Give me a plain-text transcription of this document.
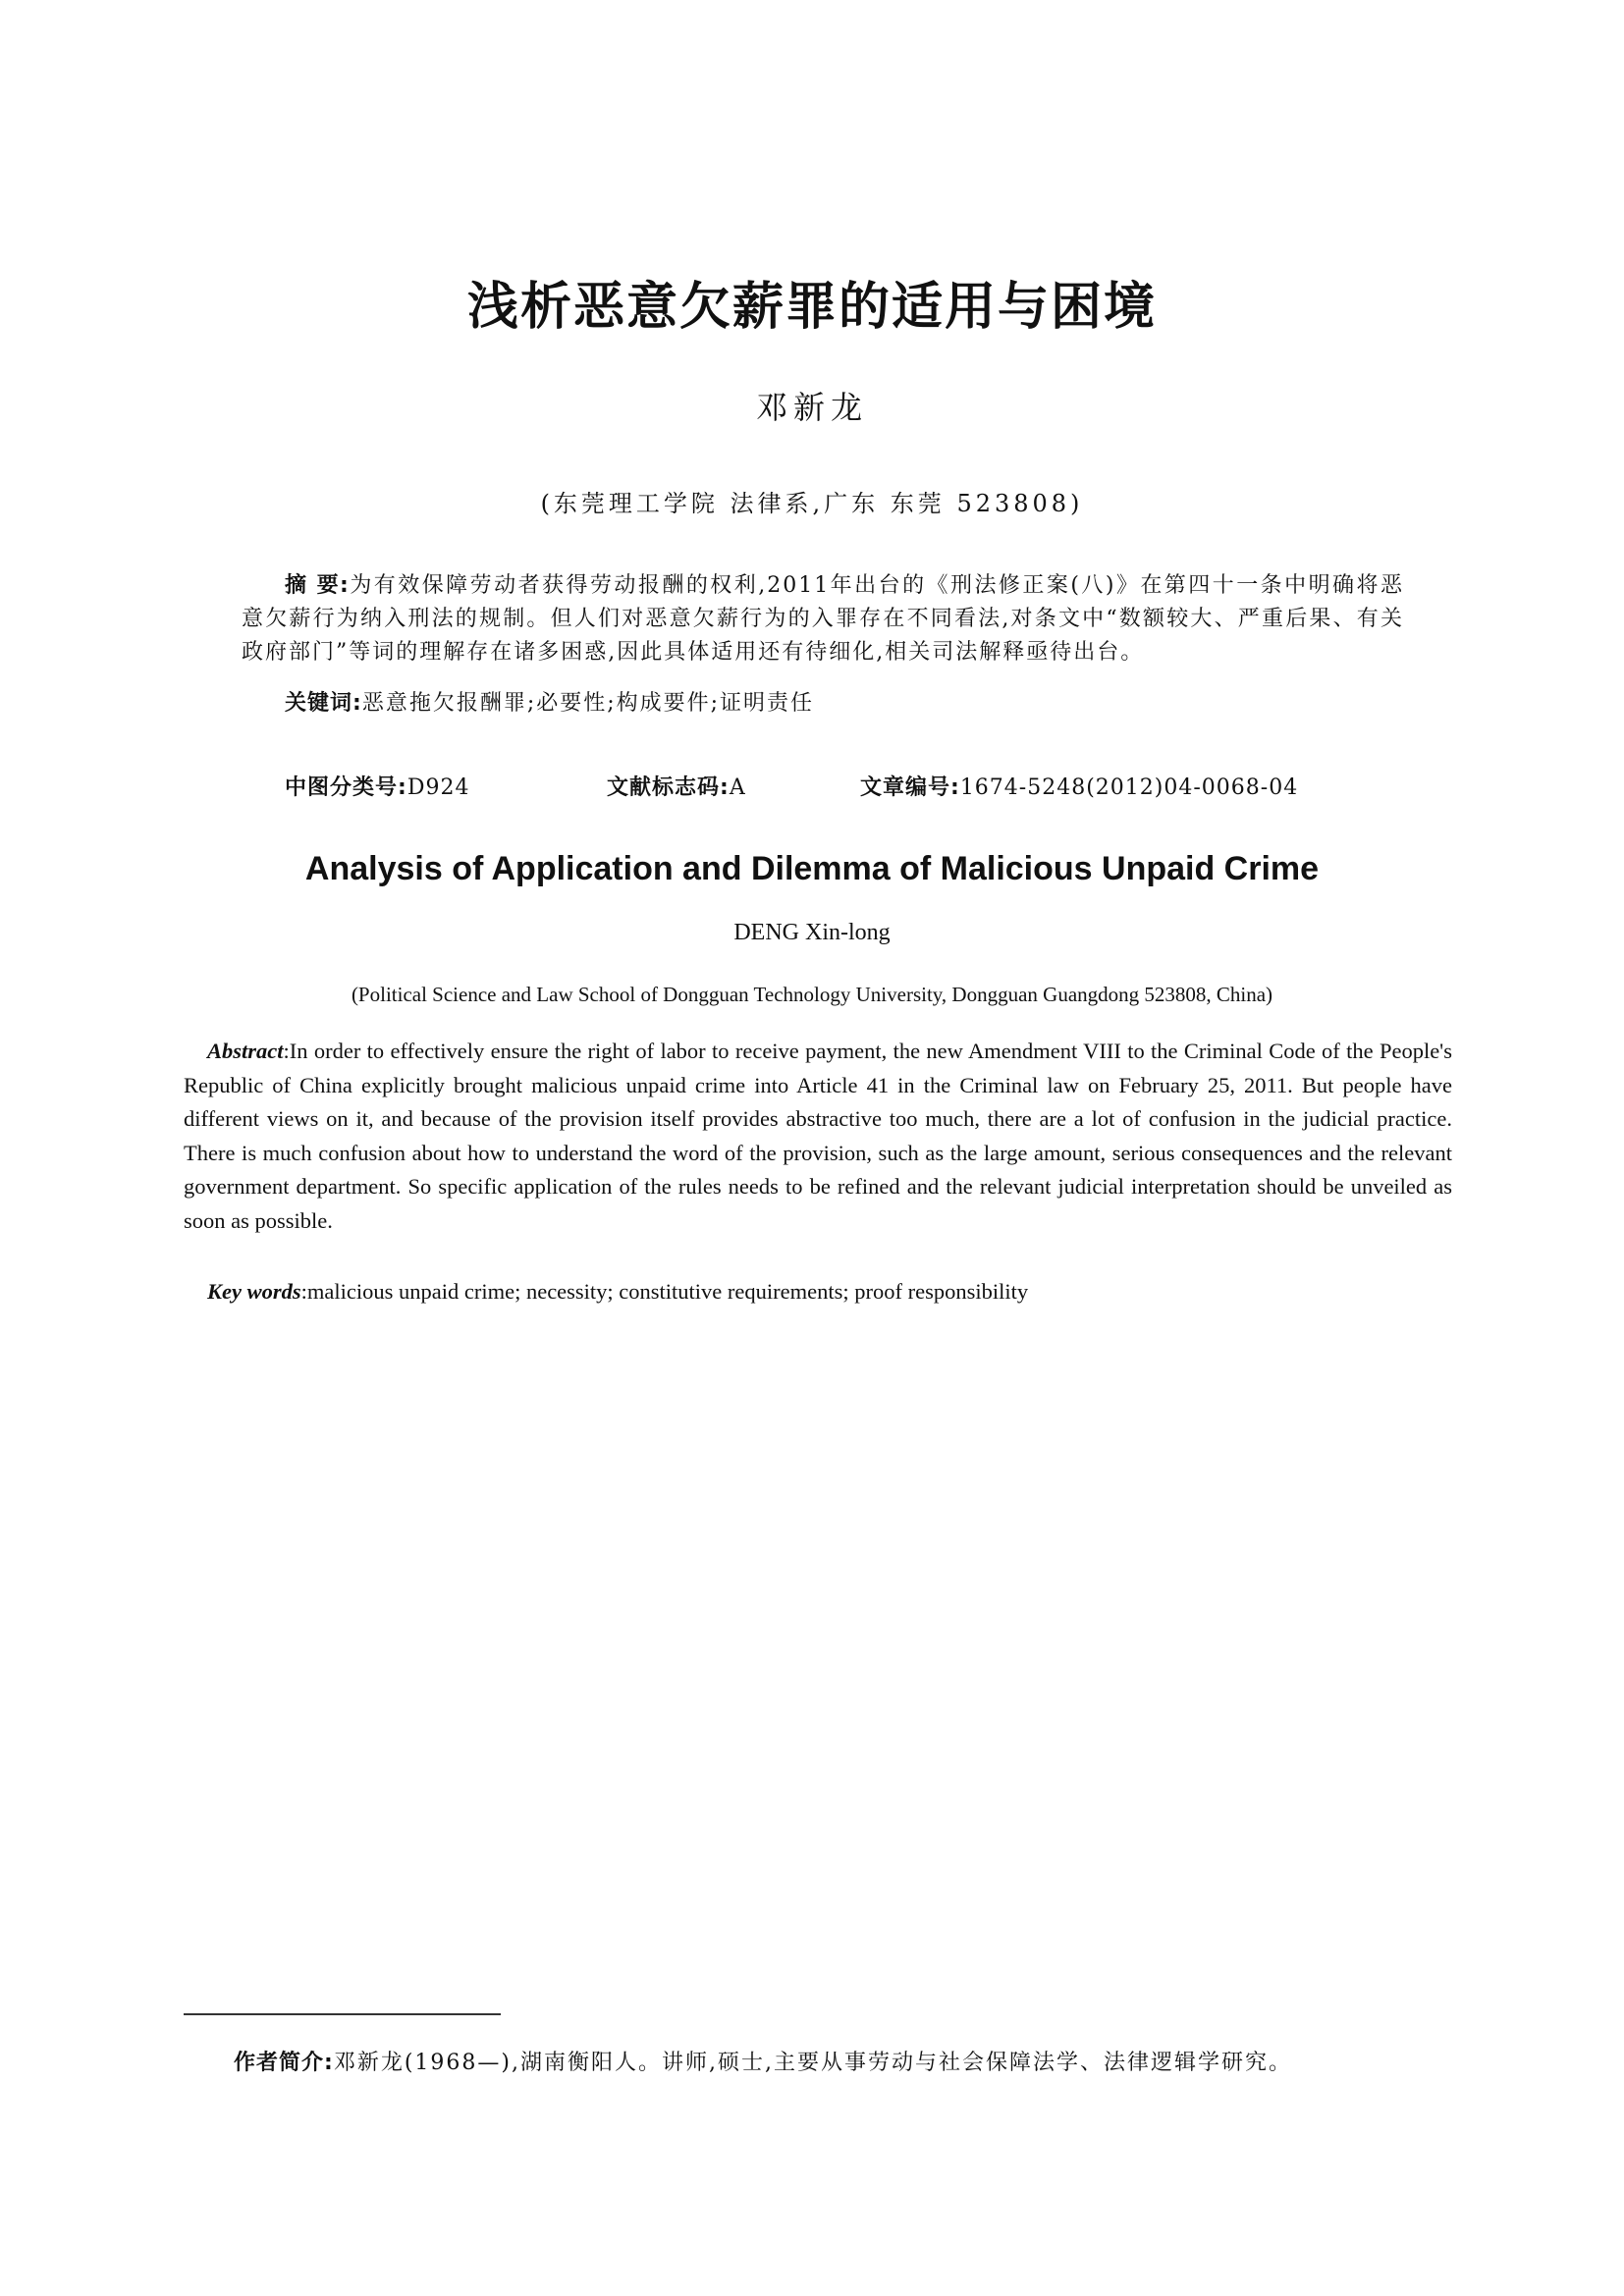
浅析恶意欠薪罪的适用与困境
邓新龙
(东莞理工学院 法律系,广东 东莞 523808)

摘 要:为有效保障劳动者获得劳动报酬的权利,2011年出台的《刑法修正案(八)》在第四十一条中明确将恶意欠薪行为纳入刑法的规制。但人们对恶意欠薪行为的入罪存在不同看法,对条文中“数额较大、严重后果、有关政府部门”等词的理解存在诸多困惑,因此具体适用还有待细化,相关司法解释亟待出台。

关键词:恶意拖欠报酬罪;必要性;构成要件;证明责任
中图分类号:D924	文献标志码:A	文章编号:1674-5248(2012)04-0068-04
Analysis of Application and Dilemma of Malicious Unpaid Crime
DENG Xin-long
(Political Science and Law School of Dongguan Technology University, Dongguan Guangdong 523808, China)

Abstract:In order to effectively ensure the right of labor to receive payment, the new Amendment VIII to the Criminal Code of the People's Republic of China explicitly brought malicious unpaid crime into Article 41 in the Criminal law on February 25, 2011. But people have different views on it, and because of the provision itself provides abstractive too much, there are a lot of confusion in the judicial practice. There is much confusion about how to understand the word of the provision, such as the large amount, serious consequences and the relevant government department. So specific application of the rules needs to be refined and the relevant judicial interpretation should be unveiled as soon as possible.

Key words:malicious unpaid crime; necessity; constitutive requirements; proof responsibility
作者简介:邓新龙(1968—),湖南衡阳人。讲师,硕士,主要从事劳动与社会保障法学、法律逻辑学研究。
